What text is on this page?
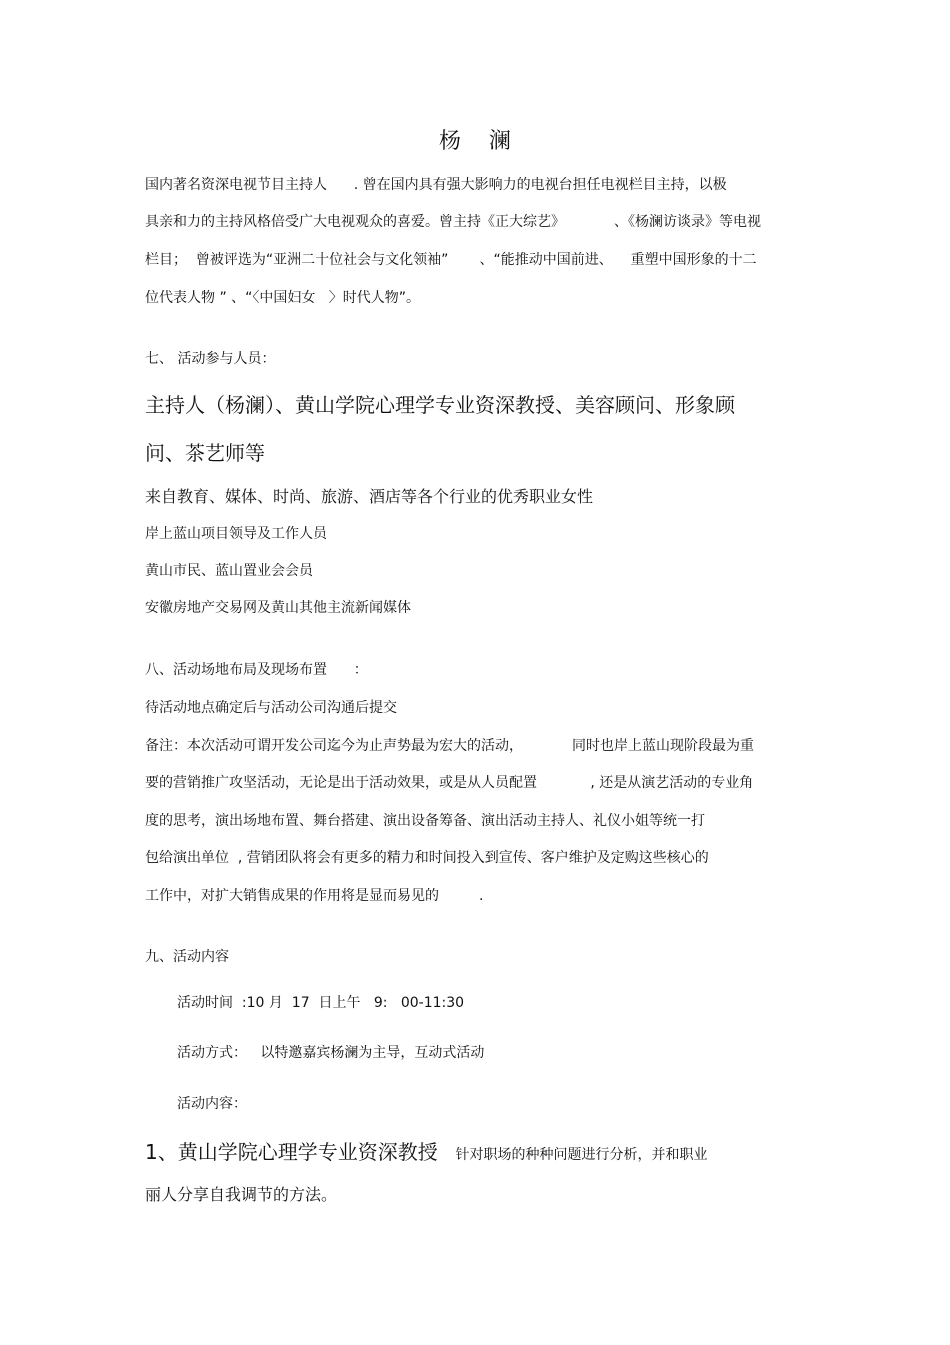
杨    澜
国内著名资深电视节目主持人      . 曾在国内具有强大影响力的电视台担任电视栏目主持，以极
具亲和力的主持风格倍受广大电视观众的喜爱。曾主持《正大综艺》           、《杨澜访谈录》等电视
栏目；  曾被评选为“亚洲二十位社会与文化领袖”       、“能推动中国前进、    重塑中国形象的十二
位代表人物 ” 、“〈中国妇女   〉时代人物”。
七、 活动参与人员：
主持人（杨澜）、黄山学院心理学专业资深教授、美容顾问、形象顾
问、茶艺师等
来自教育、媒体、时尚、旅游、酒店等各个行业的优秀职业女性
岸上蓝山项目领导及工作人员
黄山市民、蓝山置业会会员
安徽房地产交易网及黄山其他主流新闻媒体
八、活动场地布局及现场布置      ：
待活动地点确定后与活动公司沟通后提交
备注：本次活动可谓开发公司迄今为止声势最为宏大的活动，           同时也岸上蓝山现阶段最为重
要的营销推广攻坚活动，无论是出于活动效果，或是从人员配置            , 还是从演艺活动的专业角
度的思考，演出场地布置、舞台搭建、演出设备筹备、演出活动主持人、礼仪小姐等统一打
包给演出单位  , 营销团队将会有更多的精力和时间投入到宣传、客户维护及定购这些核心的
工作中，对扩大销售成果的作用将是显而易见的         .
九、活动内容
活动时间  :10 月  17  日上午   9:   00-11:30
活动方式：   以特邀嘉宾杨澜为主导，互动式活动
活动内容：
1、黄山学院心理学专业资深教授    针对职场的种种问题进行分析，并和职业
丽人分享自我调节的方法。
